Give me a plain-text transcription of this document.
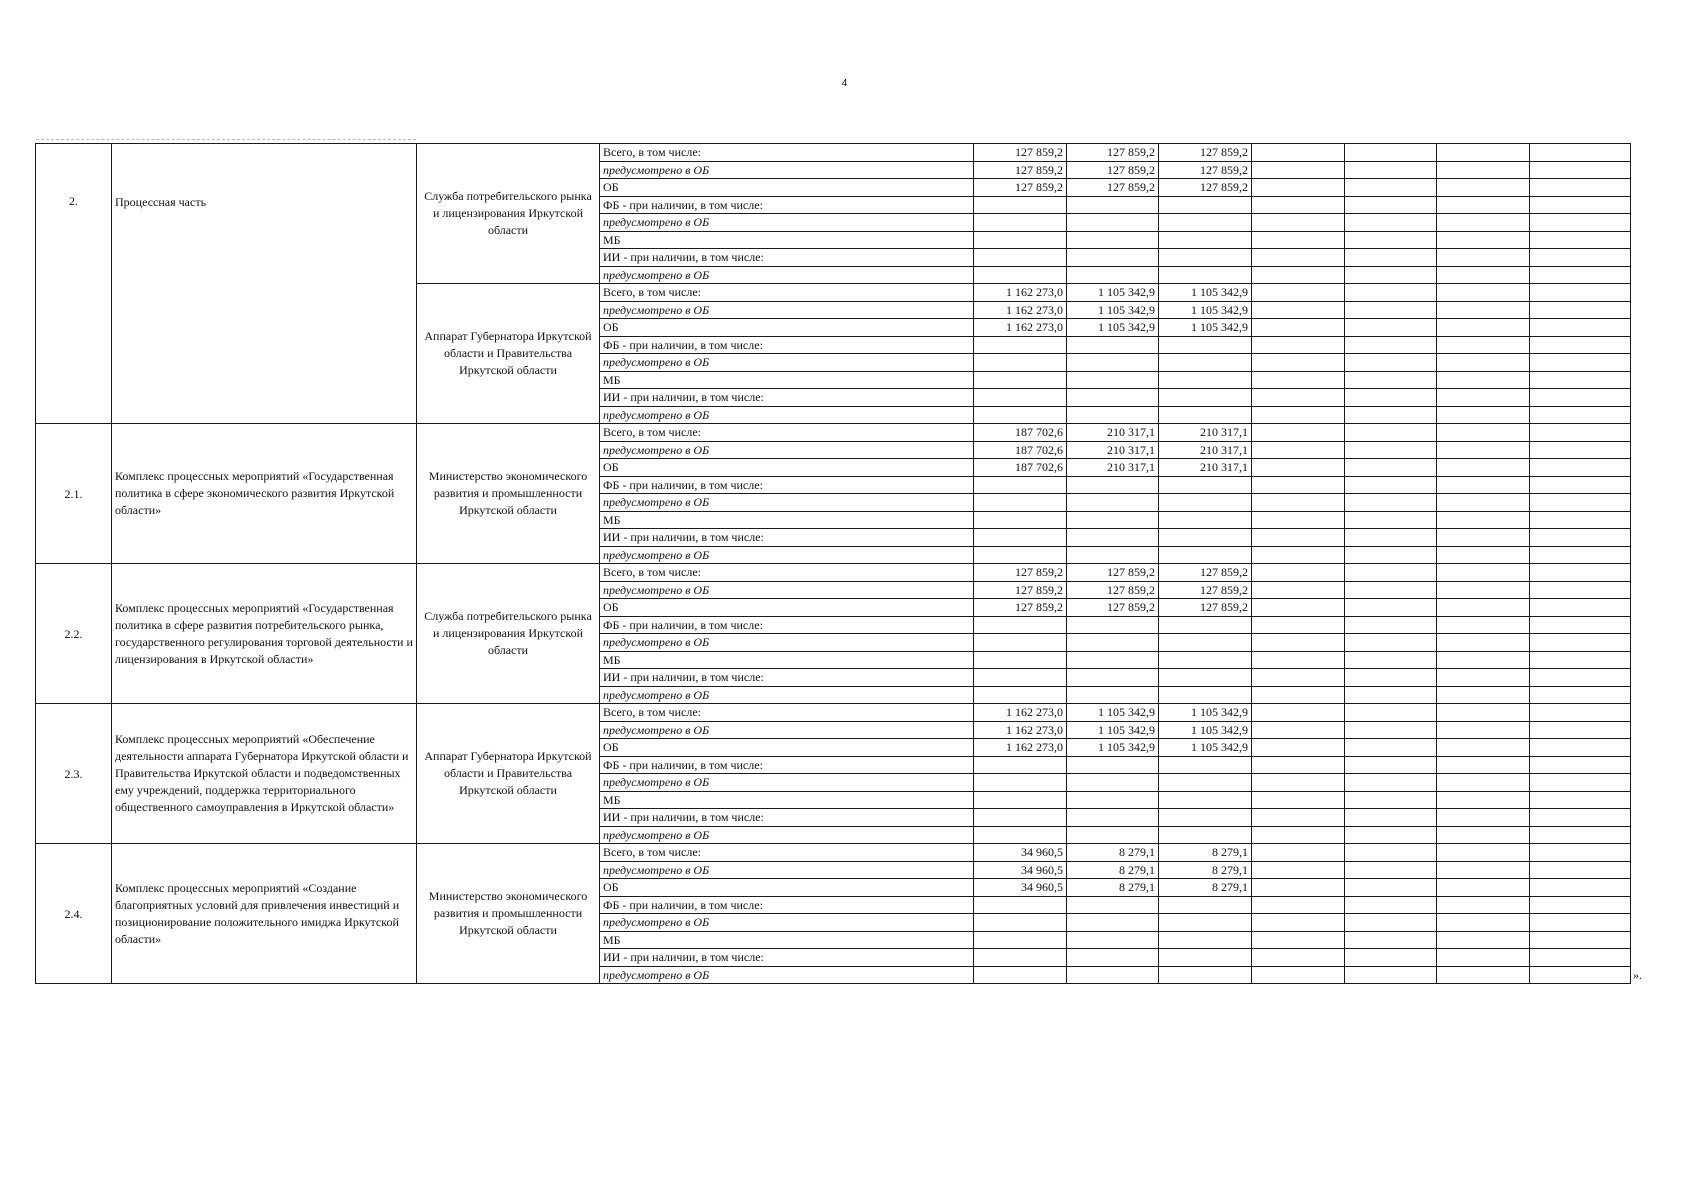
4
2.	Процессная часть	Служба потребительского рынка и лицензирования Иркутской области	Всего, в том числе:	127 859,2	127 859,2	127 859,2				
			предусмотрено в ОБ	127 859,2	127 859,2	127 859,2				
			ОБ	127 859,2	127 859,2	127 859,2				
			ФБ - при наличии, в том числе:							
			предусмотрено в ОБ							
			МБ							
			ИИ - при наличии, в том числе:							
			предусмотрено в ОБ							
		Аппарат Губернатора Иркутской области и Правительства Иркутской области	Всего, в том числе:	1 162 273,0	1 105 342,9	1 105 342,9				
			предусмотрено в ОБ	1 162 273,0	1 105 342,9	1 105 342,9				
			ОБ	1 162 273,0	1 105 342,9	1 105 342,9				
			ФБ - при наличии, в том числе:							
			предусмотрено в ОБ							
			МБ							
			ИИ - при наличии, в том числе:							
			предусмотрено в ОБ							
2.1.	Комплекс процессных мероприятий «Государственная политика в сфере экономического развития Иркутской области»	Министерство экономического развития и промышленности Иркутской области	Всего, в том числе:	187 702,6	210 317,1	210 317,1				
			предусмотрено в ОБ	187 702,6	210 317,1	210 317,1				
			ОБ	187 702,6	210 317,1	210 317,1				
			ФБ - при наличии, в том числе:							
			предусмотрено в ОБ							
			МБ							
			ИИ - при наличии, в том числе:							
			предусмотрено в ОБ							
2.2.	Комплекс процессных мероприятий «Государственная политика в сфере развития потребительского рынка, государственного регулирования торговой деятельности и лицензирования в Иркутской области»	Служба потребительского рынка и лицензирования Иркутской области	Всего, в том числе:	127 859,2	127 859,2	127 859,2				
			предусмотрено в ОБ	127 859,2	127 859,2	127 859,2				
			ОБ	127 859,2	127 859,2	127 859,2				
			ФБ - при наличии, в том числе:							
			предусмотрено в ОБ							
			МБ							
			ИИ - при наличии, в том числе:							
			предусмотрено в ОБ							
2.3.	Комплекс процессных мероприятий «Обеспечение деятельности аппарата Губернатора Иркутской области и Правительства Иркутской области и подведомственных ему учреждений, поддержка территориального общественного самоуправления в Иркутской области»	Аппарат Губернатора Иркутской области и Правительства Иркутской области	Всего, в том числе:	1 162 273,0	1 105 342,9	1 105 342,9				
			предусмотрено в ОБ	1 162 273,0	1 105 342,9	1 105 342,9				
			ОБ	1 162 273,0	1 105 342,9	1 105 342,9				
			ФБ - при наличии, в том числе:							
			предусмотрено в ОБ							
			МБ							
			ИИ - при наличии, в том числе:							
			предусмотрено в ОБ							
2.4.	Комплекс процессных мероприятий «Создание благоприятных условий для привлечения инвестиций и позиционирование положительного имиджа Иркутской области»	Министерство экономического развития и промышленности Иркутской области	Всего, в том числе:	34 960,5	8 279,1	8 279,1				
			предусмотрено в ОБ	34 960,5	8 279,1	8 279,1				
			ОБ	34 960,5	8 279,1	8 279,1				
			ФБ - при наличии, в том числе:							
			предусмотрено в ОБ							
			МБ							
			ИИ - при наличии, в том числе:							
			предусмотрено в ОБ								».
